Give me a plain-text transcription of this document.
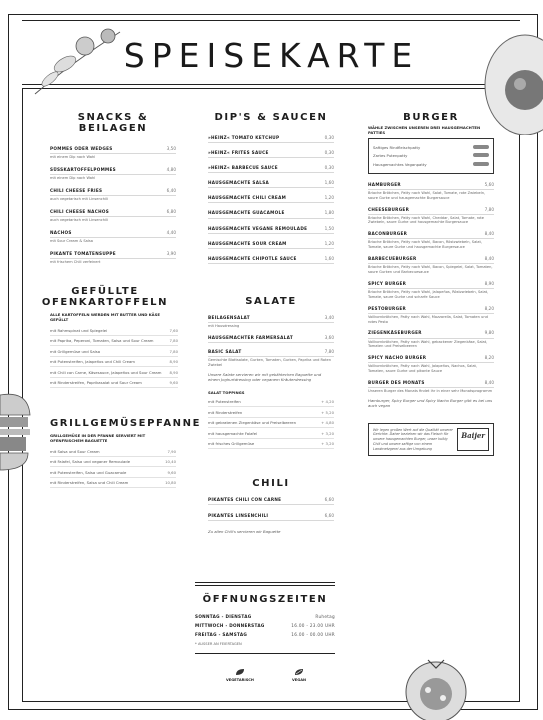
SPEISEKARTE
SNACKS & BEILAGEN
POMMES ODER WEDGES	3,50
mit einem Dip nach Wahl
SÜSSKARTOFFELPOMMES	4,80
mit einem Dip nach Wahl
CHILI CHEESE FRIES	6,40
auch vegetarisch mit Linsenchili
CHILI CHEESE NACHOS	6,80
auch vegetarisch mit Linsenchili
NACHOS	4,40
mit Sour Cream & Salsa
PIKANTE TOMATENSUPPE	3,90
mit frischem Chili verfeinert
GEFÜLLTE OFENKARTOFFELN
ALLE KARTOFFELN WERDEN MIT BUTTER UND KÄSE GEFÜLLT
mit Rahmspinat und Spiegelei	7,60
mit Paprika, Peperoni, Tomaten, Salsa und Sour Cream	7,80
mit Grillgemüse und Salsa	7,80
mit Putenstreifen, Jalapeños und Chili Cream	8,90
mit Chili con Carne, Käsesauce, Jalapeños und Sour Cream 8,90
mit Rinderstreifen, Paprikasalat und Sour Cream	9,60
GRILLGEMÜSEPFANNE
GRILLGEMÜSE IN DER PFANNE SERVIERT MIT OFENFRISCHEM BAGUETTE
mit Salsa und Sour Cream	7,90
mit Falafel, Salsa und veganer Remoulade	10,40
mit Putenstreifen, Salsa und Guacamole	9,60
mit Rinderstreifen, Salsa und Chili Cream	10,80
DIP'S & SAUCEN
»HEINZ« TOMATO KETCHUP	0,30
»HEINZ« FRITES SAUCE	0,30
»HEINZ« BARBECUE SAUCE	0,30
HAUSGEMACHTE SALSA	1,60
HAUSGEMACHTE CHILI CREAM	1,20
HAUSGEMACHTE GUACAMOLE	1,80
HAUSGEMACHTE VEGANE REMOULADE	1,50
HAUSGEMACHTE SOUR CREAM	1,20
HAUSGEMACHTE CHIPOTLE SAUCE	1,60
SALATE
BEILAGENSALAT	3,40
mit Hausdressing
HAUSGEMACHTER FARMERSALAT	3,60
BASIC SALAT	7,80
Gemischte Blattsalate, Gurken, Tomaten, Gurken, Paprika und Roten Zwiebel
Unsere Salate servieren wir mit gebähtechen Baguette und einem Joghurtdressing oder veganem Kräuterdressing
SALAT TOPPINGS
mit Putenstreifen	+ 4,20
mit Rinderstreifen	+ 5,20
mit gebratenen Ziegenkäse und Preiselbeeren	+ 4,80
mit hausgemachte Falafel	+ 3,20
mit frisches Grillgemüse	+ 3,20
CHILI
PIKANTES CHILI CON CARNE	6,60
PIKANTES LINSENCHILI	6,60
Zu allen Chili's servieren wir Baguette
BURGER
WÄHLE ZWISCHEN UNSEREN DREI HAUSGEMACHTEN PATTIES
Saftiges Rindfleischpatty
Zartes Putenpatty
Hausgemachtes Veganpatty
HAMBURGER	5,60
Brioche Brötchen, Patty nach Wahl, Salat, Tomate, rote Zwiebeln, saure Gurke und hausgemachte Burgersauce
CHEESEBURGER	7,80
Brioche Brötchen, Patty nach Wahl, Cheddar, Salat, Tomate, rote Zwiebeln, saure Gurke und hausgemachte Burgersauce
BACONBURGER	8,40
Brioche Brötchen, Patty nach Wahl, Bacon, Röstzwiebeln, Salat, Tomate, saure Gurke und hausgemachte Burgersauce
BARBECUEBURGER	8,40
Brioche Brötchen, Patty nach Wahl, Bacon, Spiegelei, Salat, Tomaten, saure Gurken und Barbecuesauce
SPICY BURGER	8,90
Brioche Brötchen, Patty nach Wahl, Jalapeños, Röstzwiebeln, Salat, Tomate, saure Gurke und scharfe Sauce
PESTOBURGER	8,20
Vollkornbrötchen, Patty nach Wahl, Mozzarella, Salat, Tomaten und rotes Pesto
ZIEGENKÄSEBURGER	9,80
Vollkornbrötchen, Patty nach Wahl, gebackener Ziegenkäse, Salat, Tomaten und Preiselbeeren
SPICY NACHO BURGER	8,20
Vollkornbrötchen, Patty nach Wahl, Jalapeños, Nachos, Salat, Tomaten, saure Gurke und pikante Sauce
BURGER DES MONATS	8,40
Unseren Burger des Monats findet ihr in einer sehr Monatsprogramm
Hamburger, Spicy Burger und Spicy Nacho Burger gibt es bei uns auch vegan
Wir legen großen Wert auf die Qualität unserer Gerichte. Daher beziehen wir das Fleisch für unsere hausgemachten Burger, unser kultig Chili und unsere saftige von einem Landmetzgerei aus der Umgebung
Baijer
ÖFFNUNGSZEITEN
SONNTAG - DIENSTAG	Ruhetag
MITTWOCH - DONNERSTAG	16.00 - 23.00 UHR
FREITAG - SAMSTAG	16.00 - 00.00 UHR
* AUSSER AN FEIERTAGEN
VEGETARISCH	VEGAN
